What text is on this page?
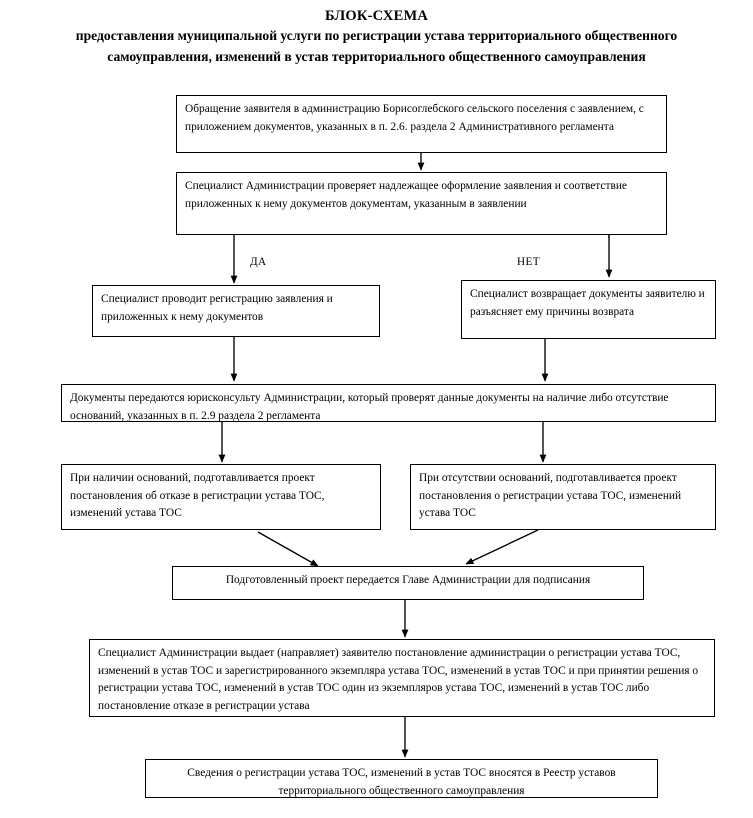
БЛОК-СХЕМА
предоставления муниципальной услуги по регистрации устава территориального общественного самоуправления, изменений в устав территориального общественного самоуправления
ДА	НЕТ
Обращение заявителя в администрацию Борисоглебского сельского поселения с заявлением, с приложением документов, указанных в п. 2.6. раздела 2 Административного регламента
Специалист Администрации проверяет надлежащее оформление заявления и соответствие приложенных к нему документов документам, указанным в заявлении
Специалист проводит регистрацию заявления и приложенных к нему документов
Специалист возвращает документы заявителю и разъясняет ему причины возврата
Документы передаются юрисконсульту Администрации, который проверят данные документы на наличие либо отсутствие оснований, указанных в п. 2.9 раздела 2 регламента
При наличии оснований, подготавливается проект постановления об отказе в регистрации устава ТОС, изменений устава ТОС
При отсутствии оснований, подготавливается проект постановления о регистрации устава ТОС, изменений устава ТОС
Подготовленный проект передается Главе Администрации для подписания
Специалист Администрации выдает (направляет) заявителю постановление администрации о регистрации устава ТОС, изменений в устав ТОС и зарегистрированного экземпляра устава ТОС, изменений в устав ТОС и при принятии решения о регистрации устава ТОС, изменений в устав ТОС один из экземпляров устава ТОС, изменений в устав ТОС либо постановление отказе в регистрации устава
Сведения о регистрации устава ТОС, изменений в устав ТОС вносятся в Реестр уставов территориального общественного самоуправления
